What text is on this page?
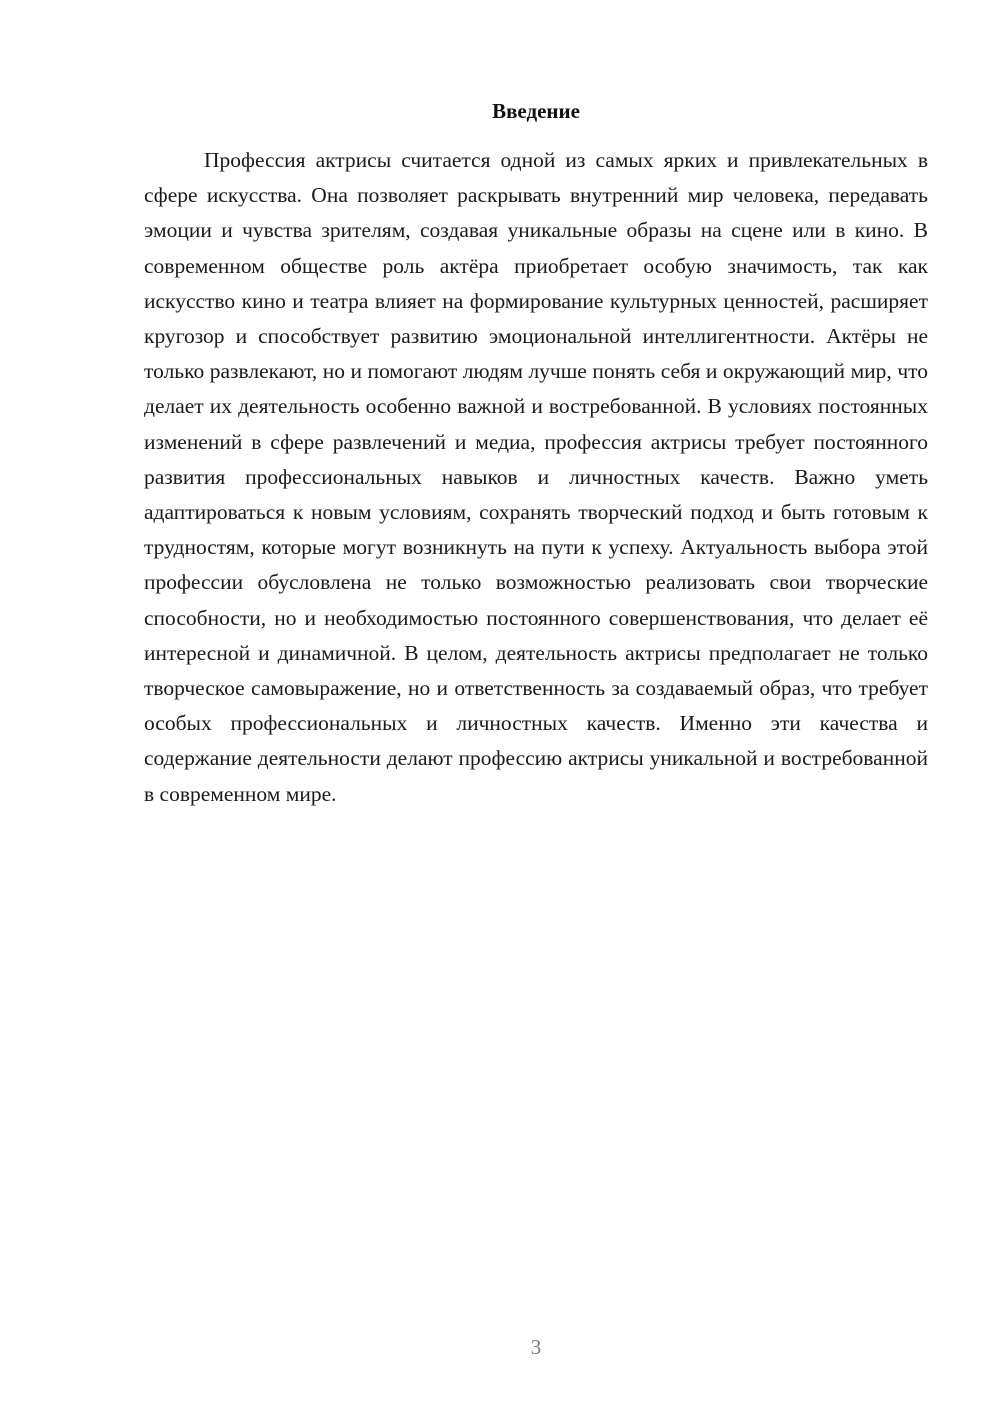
Введение

Профессия актрисы считается одной из самых ярких и привлекательных в сфере искусства. Она позволяет раскрывать внутренний мир человека, передавать эмоции и чувства зрителям, создавая уникальные образы на сцене или в кино. В современном обществе роль актёра приобретает особую значимость, так как искусство кино и театра влияет на формирование культурных ценностей, расширяет кругозор и способствует развитию эмоциональной интеллигентности. Актёры не только развлекают, но и помогают людям лучше понять себя и окружающий мир, что делает их деятельность особенно важной и востребованной. В условиях постоянных изменений в сфере развлечений и медиа, профессия актрисы требует постоянного развития профессиональных навыков и личностных качеств. Важно уметь адаптироваться к новым условиям, сохранять творческий подход и быть готовым к трудностям, которые могут возникнуть на пути к успеху. Актуальность выбора этой профессии обусловлена не только возможностью реализовать свои творческие способности, но и необходимостью постоянного совершенствования, что делает её интересной и динамичной. В целом, деятельность актрисы предполагает не только творческое самовыражение, но и ответственность за создаваемый образ, что требует особых профессиональных и личностных качеств. Именно эти качества и содержание деятельности делают профессию актрисы уникальной и востребованной в современном мире.

3
